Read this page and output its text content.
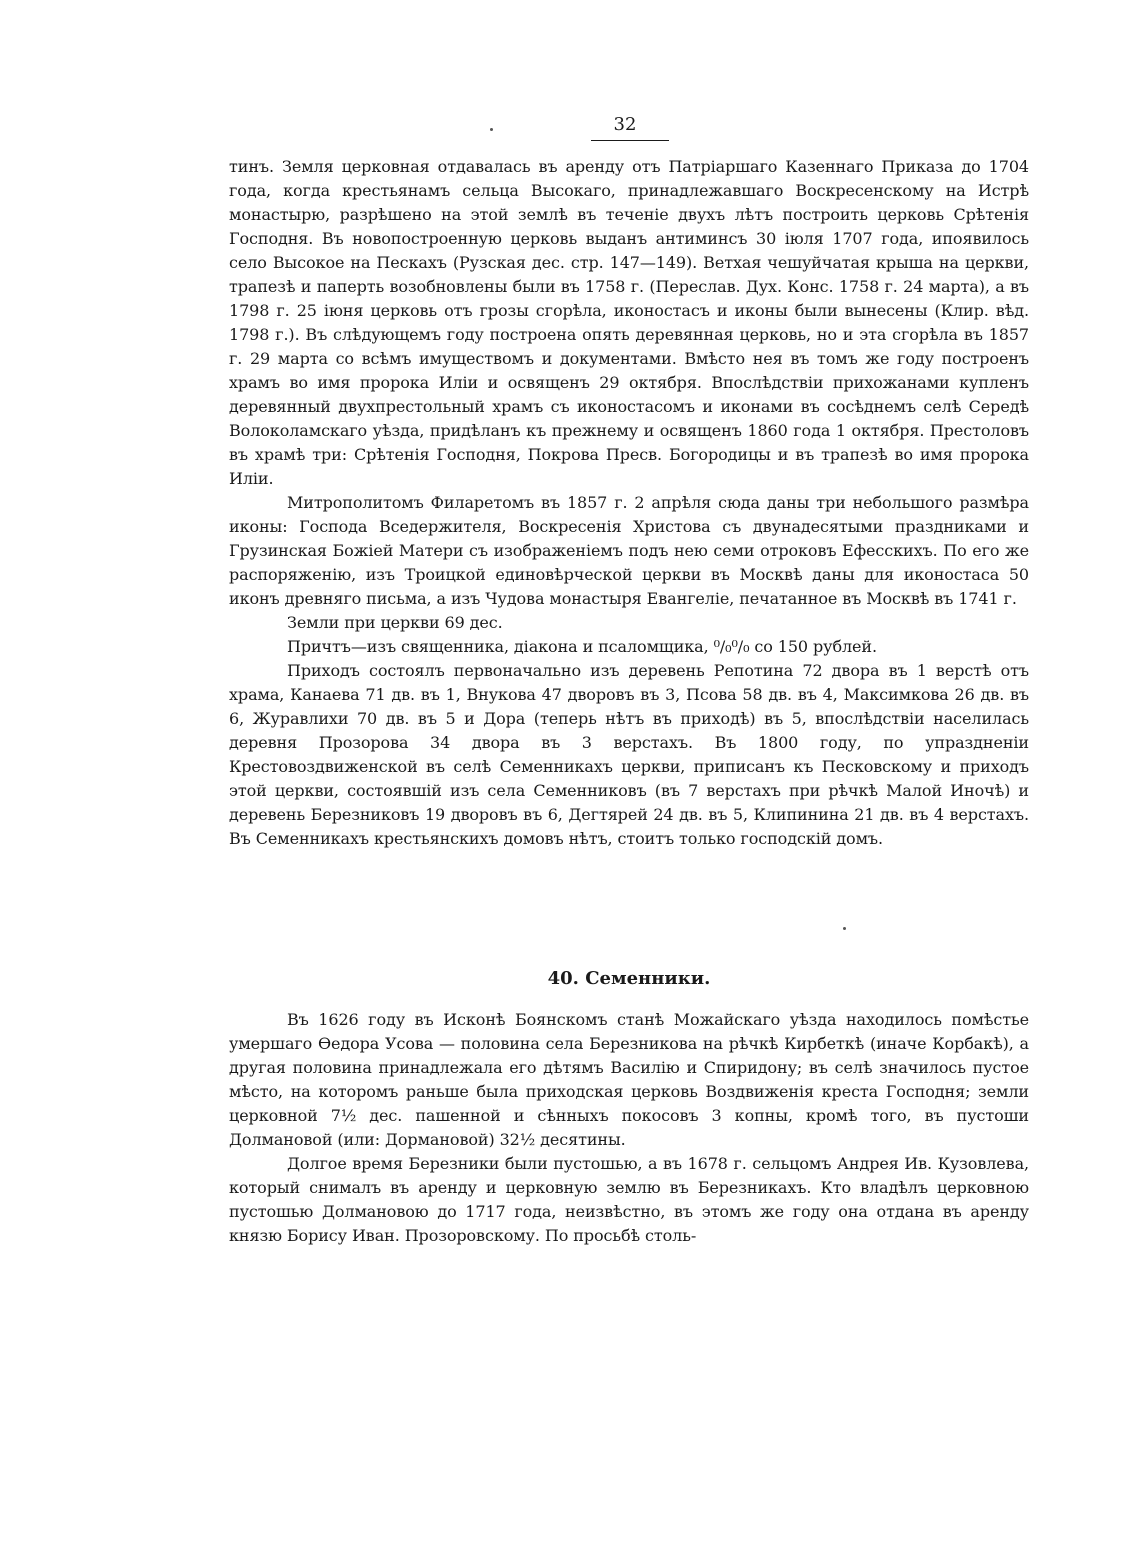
32

тинъ. Земля церковная отдавалась въ аренду отъ Патріаршаго Казеннаго Приказа до 1704 года, когда крестьянамъ сельца Высокаго, принадлежавшаго Воскресенскому на Истрѣ монастырю, разрѣшено на этой землѣ въ теченіе двухъ лѣтъ построить церковь Срѣтенія Господня. Въ новопостроенную церковь выданъ антиминсъ 30 іюля 1707 года, ипоявилось село Высокое на Пескахъ (Рузская дес. стр. 147—149). Ветхая чешуйчатая крыша на церкви, трапезѣ и паперть возобновлены были въ 1758 г. (Переслав. Дух. Конс. 1758 г. 24 марта), а въ 1798 г. 25 іюня церковь отъ грозы сгорѣла, иконостасъ и иконы были вынесены (Клир. вѣд. 1798 г.). Въ слѣдующемъ году построена опять деревянная церковь, но и эта сгорѣла въ 1857 г. 29 марта со всѣмъ имуществомъ и документами. Вмѣсто нея въ томъ же году построенъ храмъ во имя пророка Иліи и освященъ 29 октября. Впослѣдствіи прихожанами купленъ деревянный двухпрестольный храмъ съ иконостасомъ и иконами въ сосѣднемъ селѣ Середѣ Волоколамскаго уѣзда, придѣланъ къ прежнему и освященъ 1860 года 1 октября. Престоловъ въ храмѣ три: Срѣтенія Господня, Покрова Пресв. Богородицы и въ трапезѣ во имя пророка Иліи.

Митрополитомъ Филаретомъ въ 1857 г. 2 апрѣля сюда даны три небольшого размѣра иконы: Господа Вседержителя, Воскресенія Христова съ двунадесятыми праздниками и Грузинская Божіей Матери съ изображеніемъ подъ нею семи отроковъ Ефесскихъ. По его же распоряженію, изъ Троицкой единовѣрческой церкви въ Москвѣ даны для иконостаса 50 иконъ древняго письма, а изъ Чудова монастыря Евангеліе, печатанное въ Москвѣ въ 1741 г.

Земли при церкви 69 дес.

Причтъ—изъ священника, діакона и псаломщика, ⁰/₀⁰/₀ со 150 рублей.

Приходъ состоялъ первоначально изъ деревень Репотина 72 двора въ 1 верстѣ отъ храма, Канаева 71 дв. въ 1, Внукова 47 дворовъ въ 3, Псова 58 дв. въ 4, Максимкова 26 дв. въ 6, Журавлихи 70 дв. въ 5 и Дора (теперь нѣтъ въ приходѣ) въ 5, впослѣдствіи населилась деревня Прозорова 34 двора въ 3 верстахъ. Въ 1800 году, по упраздненіи Крестовоздвиженской въ селѣ Семенникахъ церкви, приписанъ къ Песковскому и приходъ этой церкви, состоявшій изъ села Семенниковъ (въ 7 верстахъ при рѣчкѣ Малой Иночѣ) и деревень Березниковъ 19 дворовъ въ 6, Дегтярей 24 дв. въ 5, Клипинина 21 дв. въ 4 верстахъ. Въ Семенникахъ крестьянскихъ домовъ нѣтъ, стоитъ только господскій домъ.

40. Семенники.

Въ 1626 году въ Исконѣ Боянскомъ станѣ Можайскаго уѣзда находилось помѣстье умершаго Ѳедора Усова — половина села Березникова на рѣчкѣ Кирбеткѣ (иначе Корбакѣ), а другая половина принадлежала его дѣтямъ Василію и Спиридону; въ селѣ значилось пустое мѣсто, на которомъ раньше была приходская церковь Воздвиженія креста Господня; земли церковной 7½ дес. пашенной и сѣнныхъ покосовъ 3 копны, кромѣ того, въ пустоши Долмановой (или: Дормановой) 32½ десятины.

Долгое время Березники были пустошью, а въ 1678 г. сельцомъ Андрея Ив. Кузовлева, который снималъ въ аренду и церковную землю въ Березникахъ. Кто владѣлъ церковною пустошью Долмановою до 1717 года, неизвѣстно, въ этомъ же году она отдана въ аренду князю Борису Иван. Прозоровскому. По просьбѣ столь-
